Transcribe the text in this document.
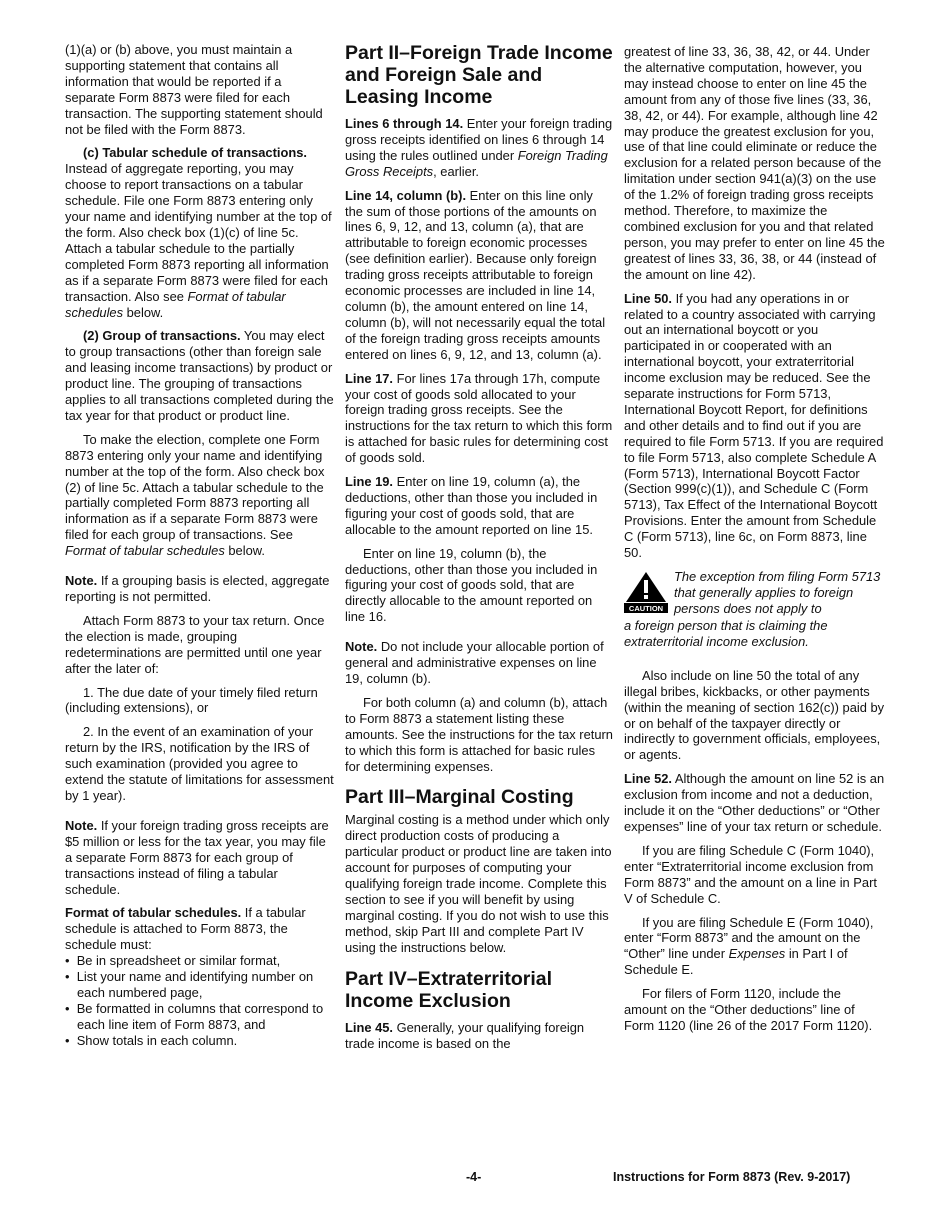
(1)(a) or (b) above, you must maintain a supporting statement that contains all information that would be reported if a separate Form 8873 were filed for each transaction. The supporting statement should not be filed with the Form 8873.

(c) Tabular schedule of transactions. Instead of aggregate reporting, you may choose to report transactions on a tabular schedule. File one Form 8873 entering only your name and identifying number at the top of the form. Also check box (1)(c) of line 5c. Attach a tabular schedule to the partially completed Form 8873 reporting all information as if a separate Form 8873 were filed for each transaction. Also see Format of tabular schedules below.

(2) Group of transactions. You may elect to group transactions (other than foreign sale and leasing income transactions) by product or product line. The grouping of transactions applies to all transactions completed during the tax year for that product or product line.

To make the election, complete one Form 8873 entering only your name and identifying number at the top of the form. Also check box (2) of line 5c. Attach a tabular schedule to the partially completed Form 8873 reporting all information as if a separate Form 8873 were filed for each group of transactions. See Format of tabular schedules below.

Note. If a grouping basis is elected, aggregate reporting is not permitted.

Attach Form 8873 to your tax return. Once the election is made, grouping redeterminations are permitted until one year after the later of:

1. The due date of your timely filed return (including extensions), or

2. In the event of an examination of your return by the IRS, notification by the IRS of such examination (provided you agree to extend the statute of limitations for assessment by 1 year).

Note. If your foreign trading gross receipts are $5 million or less for the tax year, you may file a separate Form 8873 for each group of transactions instead of filing a tabular schedule.

Format of tabular schedules. If a tabular schedule is attached to Form 8873, the schedule must:

•  Be in spreadsheet or similar format,
•  List your name and identifying number on each numbered page,
•  Be formatted in columns that correspond to each line item of Form 8873, and
•  Show totals in each column.
Part II–Foreign Trade Income and Foreign Sale and Leasing Income

Lines 6 through 14. Enter your foreign trading gross receipts identified on lines 6 through 14 using the rules outlined under Foreign Trading Gross Receipts, earlier.

Line 14, column (b). Enter on this line only the sum of those portions of the amounts on lines 6, 9, 12, and 13, column (a), that are attributable to foreign economic processes (see definition earlier). Because only foreign trading gross receipts attributable to foreign economic processes are included in line 14, column (b), the amount entered on line 14, column (b), will not necessarily equal the total of the foreign trading gross receipts amounts entered on lines 6, 9, 12, and 13, column (a).

Line 17. For lines 17a through 17h, compute your cost of goods sold allocated to your foreign trading gross receipts. See the instructions for the tax return to which this form is attached for basic rules for determining cost of goods sold.

Line 19. Enter on line 19, column (a), the deductions, other than those you included in figuring your cost of goods sold, that are allocable to the amount reported on line 15.

Enter on line 19, column (b), the deductions, other than those you included in figuring your cost of goods sold, that are directly allocable to the amount reported on line 16.

Note. Do not include your allocable portion of general and administrative expenses on line 19, column (b).

For both column (a) and column (b), attach to Form 8873 a statement listing these amounts. See the instructions for the tax return to which this form is attached for basic rules for determining expenses.

Part III–Marginal Costing

Marginal costing is a method under which only direct production costs of producing a particular product or product line are taken into account for purposes of computing your qualifying foreign trade income. Complete this section to see if you will benefit by using marginal costing. If you do not wish to use this method, skip Part III and complete Part IV using the instructions below.

Part IV–Extraterritorial Income Exclusion

Line 45. Generally, your qualifying foreign trade income is based on the

greatest of line 33, 36, 38, 42, or 44. Under the alternative computation, however, you may instead choose to enter on line 45 the amount from any of those five lines (33, 36, 38, 42, or 44). For example, although line 42 may produce the greatest exclusion for you, use of that line could eliminate or reduce the exclusion for a related person because of the limitation under section 941(a)(3) on the use of the 1.2% of foreign trading gross receipts method. Therefore, to maximize the combined exclusion for you and that related person, you may prefer to enter on line 45 the greatest of lines 33, 36, 38, or 44 (instead of the amount on line 42).

Line 50. If you had any operations in or related to a country associated with carrying out an international boycott or you participated in or cooperated with an international boycott, your extraterritorial income exclusion may be reduced. See the separate instructions for Form 5713, International Boycott Report, for definitions and other details and to find out if you are required to file Form 5713. If you are required to file Form 5713, also complete Schedule A (Form 5713), International Boycott Factor (Section 999(c)(1)), and Schedule C (Form 5713), Tax Effect of the International Boycott Provisions. Enter the amount from Schedule C (Form 5713), line 6c, on Form 8873, line 50.

CAUTION
The exception from filing Form 5713 that generally applies to foreign persons does not apply to
a foreign person that is claiming the extraterritorial income exclusion.

Also include on line 50 the total of any illegal bribes, kickbacks, or other payments (within the meaning of section 162(c)) paid by or on behalf of the taxpayer directly or indirectly to government officials, employees, or agents.

Line 52. Although the amount on line 52 is an exclusion from income and not a deduction, include it on the “Other deductions” or “Other expenses” line of your tax return or schedule.

If you are filing Schedule C (Form 1040), enter “Extraterritorial income exclusion from Form 8873” and the amount on a line in Part V of Schedule C.

If you are filing Schedule E (Form 1040), enter “Form 8873” and the amount on the “Other” line under Expenses in Part I of Schedule E.

For filers of Form 1120, include the amount on the “Other deductions” line of Form 1120 (line 26 of the 2017 Form 1120).

-4-	Instructions for Form 8873 (Rev. 9-2017)
